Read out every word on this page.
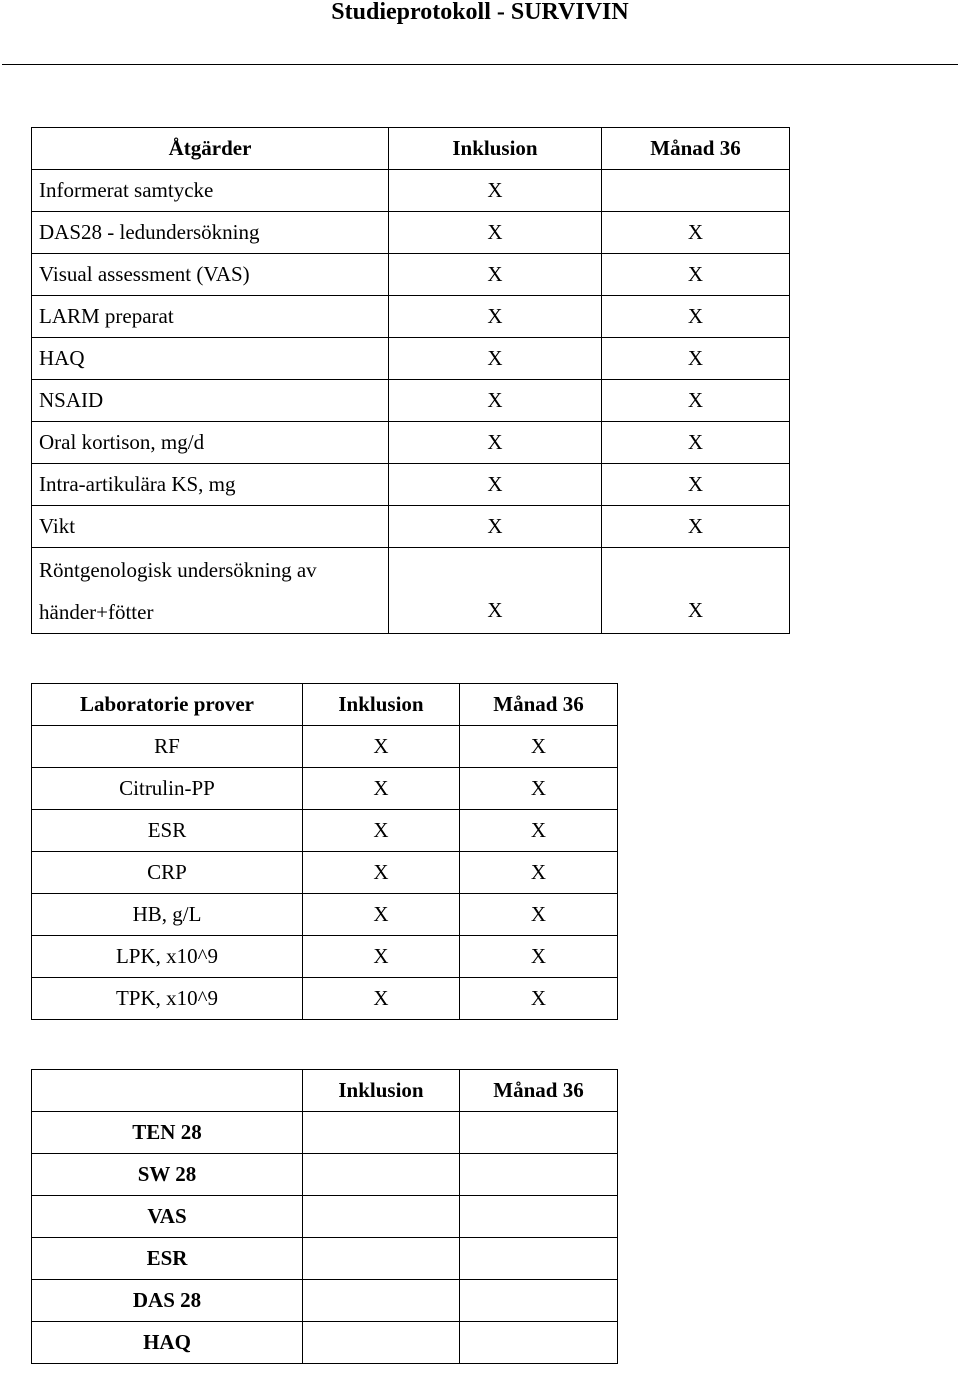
Studieprotokoll - SURVIVIN
Åtgärder	Inklusion	Månad 36
Informerat samtycke	X	
DAS28 - ledundersökning	X	X
Visual assessment (VAS)	X	X
LARM preparat	X	X
HAQ	X	X
NSAID	X	X
Oral kortison, mg/d	X	X
Intra-artikulära KS, mg	X	X
Vikt	X	X

Röntgenologisk undersökning av
händer+fötter	X	X
Laboratorie prover	Inklusion	Månad 36
RF	X	X
Citrulin-PP	X	X
ESR	X	X
CRP	X	X
HB, g/L	X	X
LPK, x10^9	X	X
TPK, x10^9	X	X
	Inklusion	Månad 36
TEN 28		
SW 28		
VAS		
ESR		
DAS 28		
HAQ		
